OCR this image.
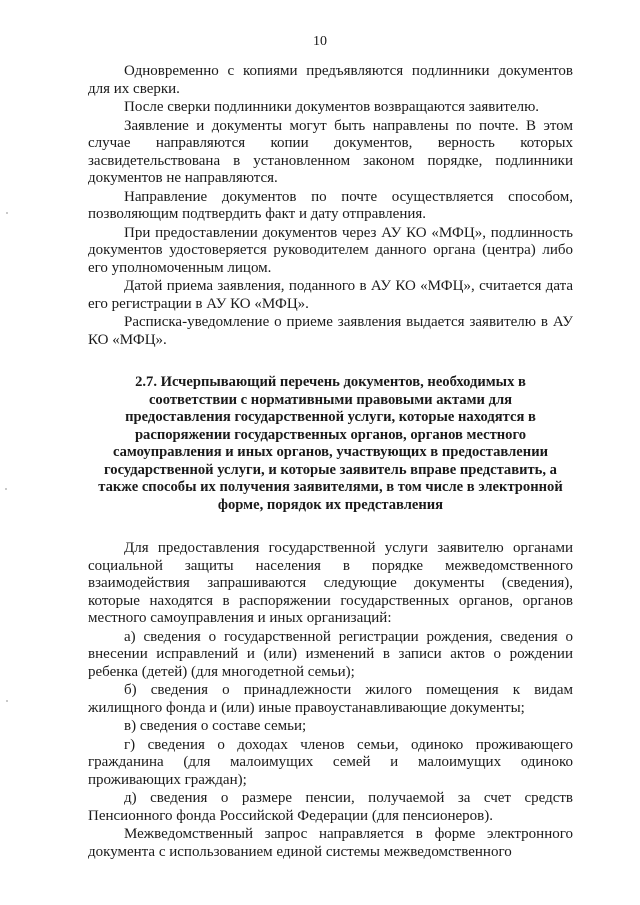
10

Одновременно с копиями предъявляются подлинники документов для их сверки.

После сверки подлинники документов возвращаются заявителю.

Заявление и документы могут быть направлены по почте. В этом случае направляются копии документов, верность которых засвидетельствована в установленном законом порядке, подлинники документов не направляются.

Направление документов по почте осуществляется способом, позволяющим подтвердить факт и дату отправления.

При предоставлении документов через АУ КО «МФЦ», подлинность документов удостоверяется руководителем данного органа (центра) либо его уполномоченным лицом.

Датой приема заявления, поданного в АУ КО «МФЦ», считается дата его регистрации в АУ КО «МФЦ».

Расписка-уведомление о приеме заявления выдается заявителю в АУ КО «МФЦ».

2.7. Исчерпывающий перечень документов, необходимых в соответствии с нормативными правовыми актами для предоставления государственной услуги, которые находятся в распоряжении государственных органов, органов местного самоуправления и иных органов, участвующих в предоставлении государственной услуги, и которые заявитель вправе представить, а также способы их получения заявителями, в том числе в электронной форме, порядок их представления

Для предоставления государственной услуги заявителю органами социальной защиты населения в порядке межведомственного взаимодействия запрашиваются следующие документы (сведения), которые находятся в распоряжении государственных органов, органов местного самоуправления и иных организаций:

а) сведения о государственной регистрации рождения, сведения о внесении исправлений и (или) изменений в записи актов о рождении ребенка (детей) (для многодетной семьи);

б) сведения о принадлежности жилого помещения к видам жилищного фонда и (или) иные правоустанавливающие документы;

в) сведения о составе семьи;

г) сведения о доходах членов семьи, одиноко проживающего гражданина (для малоимущих семей и малоимущих одиноко проживающих граждан);

д) сведения о размере пенсии, получаемой за счет средств Пенсионного фонда Российской Федерации (для пенсионеров).

Межведомственный запрос направляется в форме электронного документа с использованием единой системы межведомственного
